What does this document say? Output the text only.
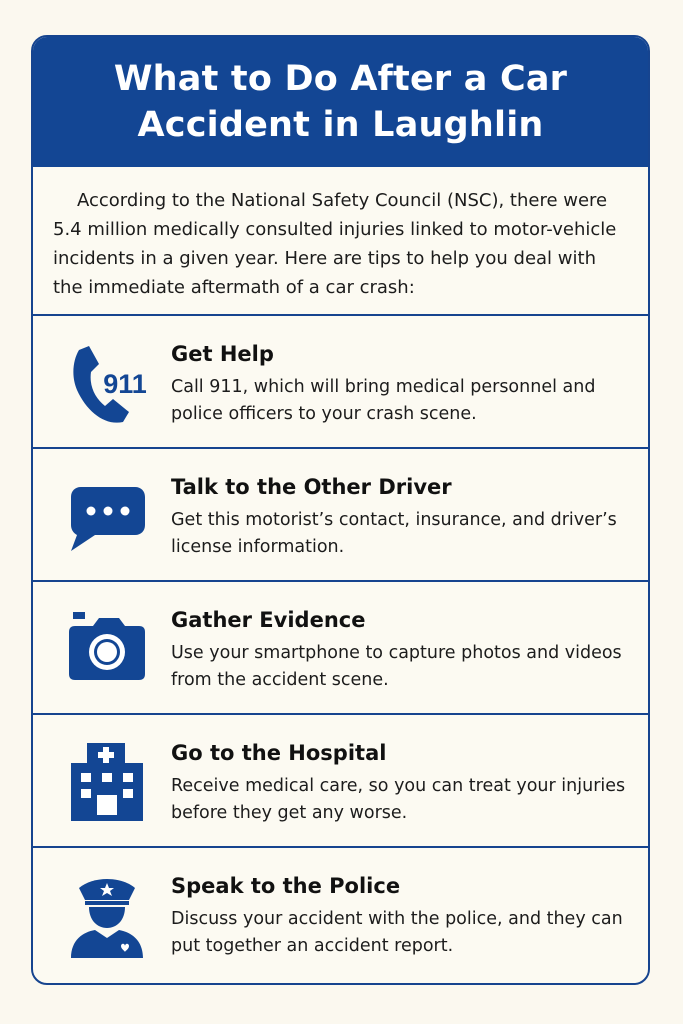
What to Do After a Car
Accident in Laughlin

According to the National Safety Council (NSC), there were 5.4 million medically consulted injuries linked to motor-vehicle incidents in a given year. Here are tips to help you deal with the immediate aftermath of a car crash:

911
Get Help

Call 911, which will bring medical personnel and police officers to your crash scene.

Talk to the Other Driver

Get this motorist’s contact, insurance, and driver’s license information.

Gather Evidence

Use your smartphone to capture photos and videos from the accident scene.

Go to the Hospital

Receive medical care, so you can treat your injuries before they get any worse.

Speak to the Police

Discuss your accident with the police, and they can put together an accident report.
